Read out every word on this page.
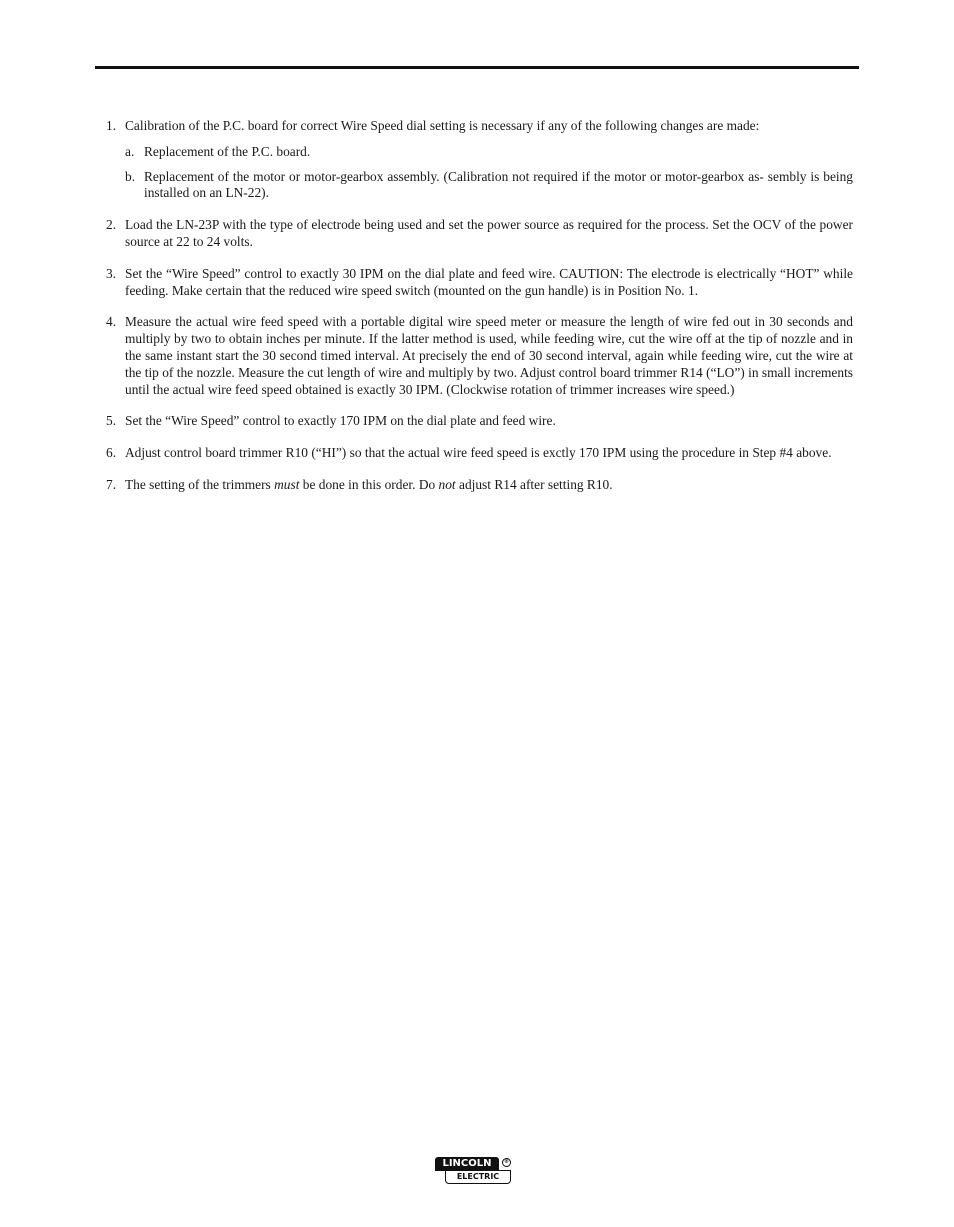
1. Calibration of the P.C. board for correct Wire Speed dial setting is necessary if any of the following changes are made:
a. Replacement of the P.C. board.
b. Replacement of the motor or motor-gearbox assembly. (Calibration not required if the motor or motor-gearbox as- sembly is being installed on an LN-22).
2. Load the LN-23P with the type of electrode being used and set the power source as required for the process. Set the OCV of the power source at 22 to 24 volts.
3. Set the “Wire Speed” control to exactly 30 IPM on the dial plate and feed wire. CAUTION: The electrode is electrically “HOT” while feeding. Make certain that the reduced wire speed switch (mounted on the gun handle) is in Position No. 1.
4. Measure the actual wire feed speed with a portable digital wire speed meter or measure the length of wire fed out in 30 seconds and multiply by two to obtain inches per minute. If the latter method is used, while feeding wire, cut the wire off at the tip of nozzle and in the same instant start the 30 second timed interval. At precisely the end of 30 second interval, again while feeding wire, cut the wire at the tip of the nozzle. Measure the cut length of wire and multiply by two. Adjust control board trimmer R14 (“LO”) in small increments until the actual wire feed speed obtained is exactly 30 IPM. (Clockwise rotation of trimmer increases wire speed.)
5. Set the “Wire Speed” control to exactly 170 IPM on the dial plate and feed wire.
6. Adjust control board trimmer R10 (“HI”) so that the actual wire feed speed is exctly 170 IPM using the procedure in Step #4 above.
7. The setting of the trimmers must be done in this order. Do not adjust R14 after setting R10.
LINCOLN
ELECTRIC
®
